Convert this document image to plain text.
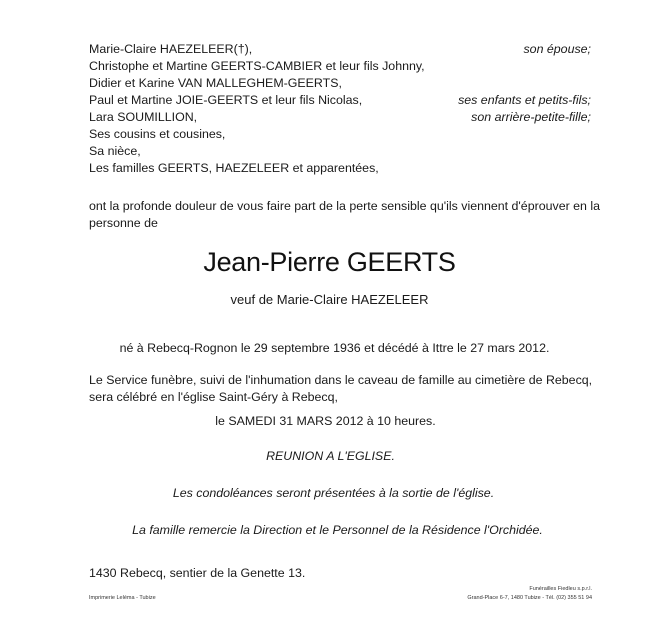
Marie-Claire HAEZELEER(†),	son épouse;
Christophe et Martine GEERTS-CAMBIER et leur fils Johnny,
Didier et Karine VAN MALLEGHEM-GEERTS,
Paul et Martine JOIE-GEERTS et leur fils Nicolas,	ses enfants et petits-fils;
Lara SOUMILLION,	son arrière-petite-fille;
Ses cousins et cousines,
Sa nièce,
Les familles GEERTS, HAEZELEER et apparentées,
ont la profonde douleur de vous faire part de la perte sensible qu'ils viennent d'éprouver en la
personne de
Jean-Pierre GEERTS
veuf de Marie-Claire HAEZELEER
né à Rebecq-Rognon le 29 septembre 1936 et décédé à Ittre le 27 mars 2012.
Le Service funèbre, suivi de l'inhumation dans le caveau de famille au cimetière de Rebecq,
sera célébré en l'église Saint-Géry à Rebecq,
le SAMEDI 31 MARS 2012 à 10 heures.
REUNION A L'EGLISE.
Les condoléances seront présentées à la sortie de l'église.
La famille remercie la Direction et le Personnel de la Résidence l'Orchidée.
1430 Rebecq, sentier de la Genette 13.
Imprimerie Leléma - Tubize
Funérailles Fiedleu s.p.r.l.
Grand-Place 6-7, 1480 Tubize - Tél. (02) 355 51 94
